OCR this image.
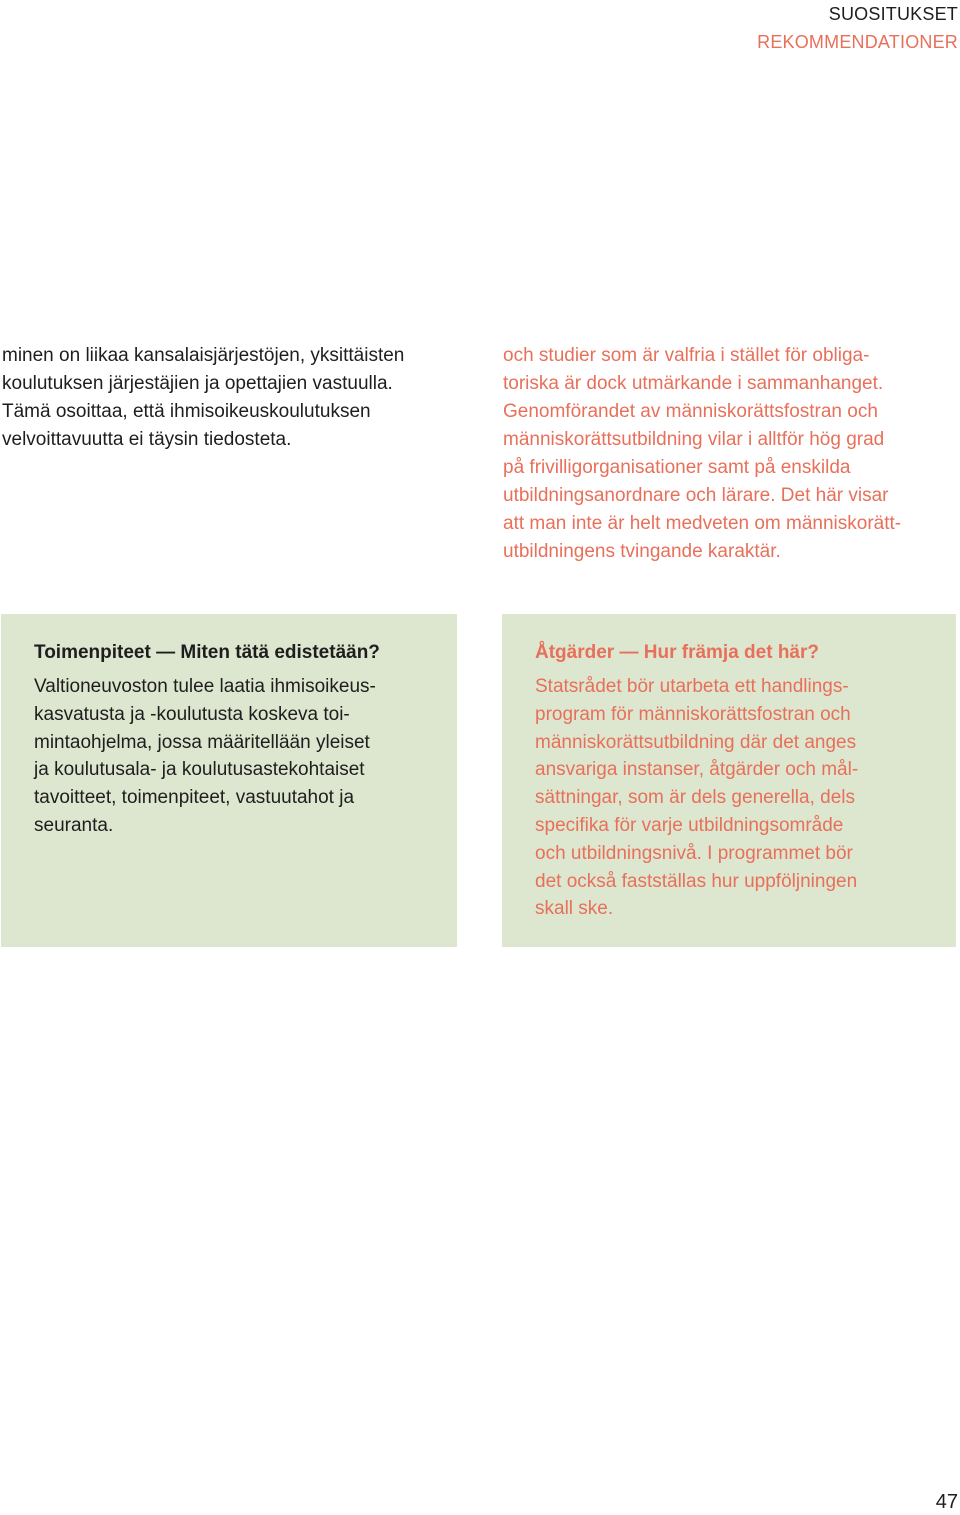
SUOSITUKSET
REKOMMENDATIONER

minen on liikaa kansalaisjärjestöjen, yksittäisten
koulutuksen järjestäjien ja opettajien vastuulla.
Tämä osoittaa, että ihmisoikeuskoulutuksen
velvoittavuutta ei täysin tiedosteta.

och studier som är valfria i stället för obliga-
toriska är dock utmärkande i sammanhanget.
Genomförandet av människorättsfostran och
människorättsutbildning vilar i alltför hög grad
på frivilligorganisationer samt på enskilda
utbildningsanordnare och lärare. Det här visar
att man inte är helt medveten om människorätt-
utbildningens tvingande karaktär.

Toimenpiteet — Miten tätä edistetään?

Valtioneuvoston tulee laatia ihmisoikeus-
kasvatusta ja -koulutusta koskeva toi-
mintaohjelma, jossa määritellään yleiset
ja koulutusala- ja koulutusastekohtaiset
tavoitteet, toimenpiteet, vastuutahot ja
seuranta.

Åtgärder — Hur främja det här?

Statsrådet bör utarbeta ett handlings-
program för människorättsfostran och
människorättsutbildning där det anges
ansvariga instanser, åtgärder och mål-
sättningar, som är dels generella, dels
specifika för varje utbildningsområde
och utbildningsnivå. I programmet bör
det också fastställas hur uppföljningen
skall ske.

47
